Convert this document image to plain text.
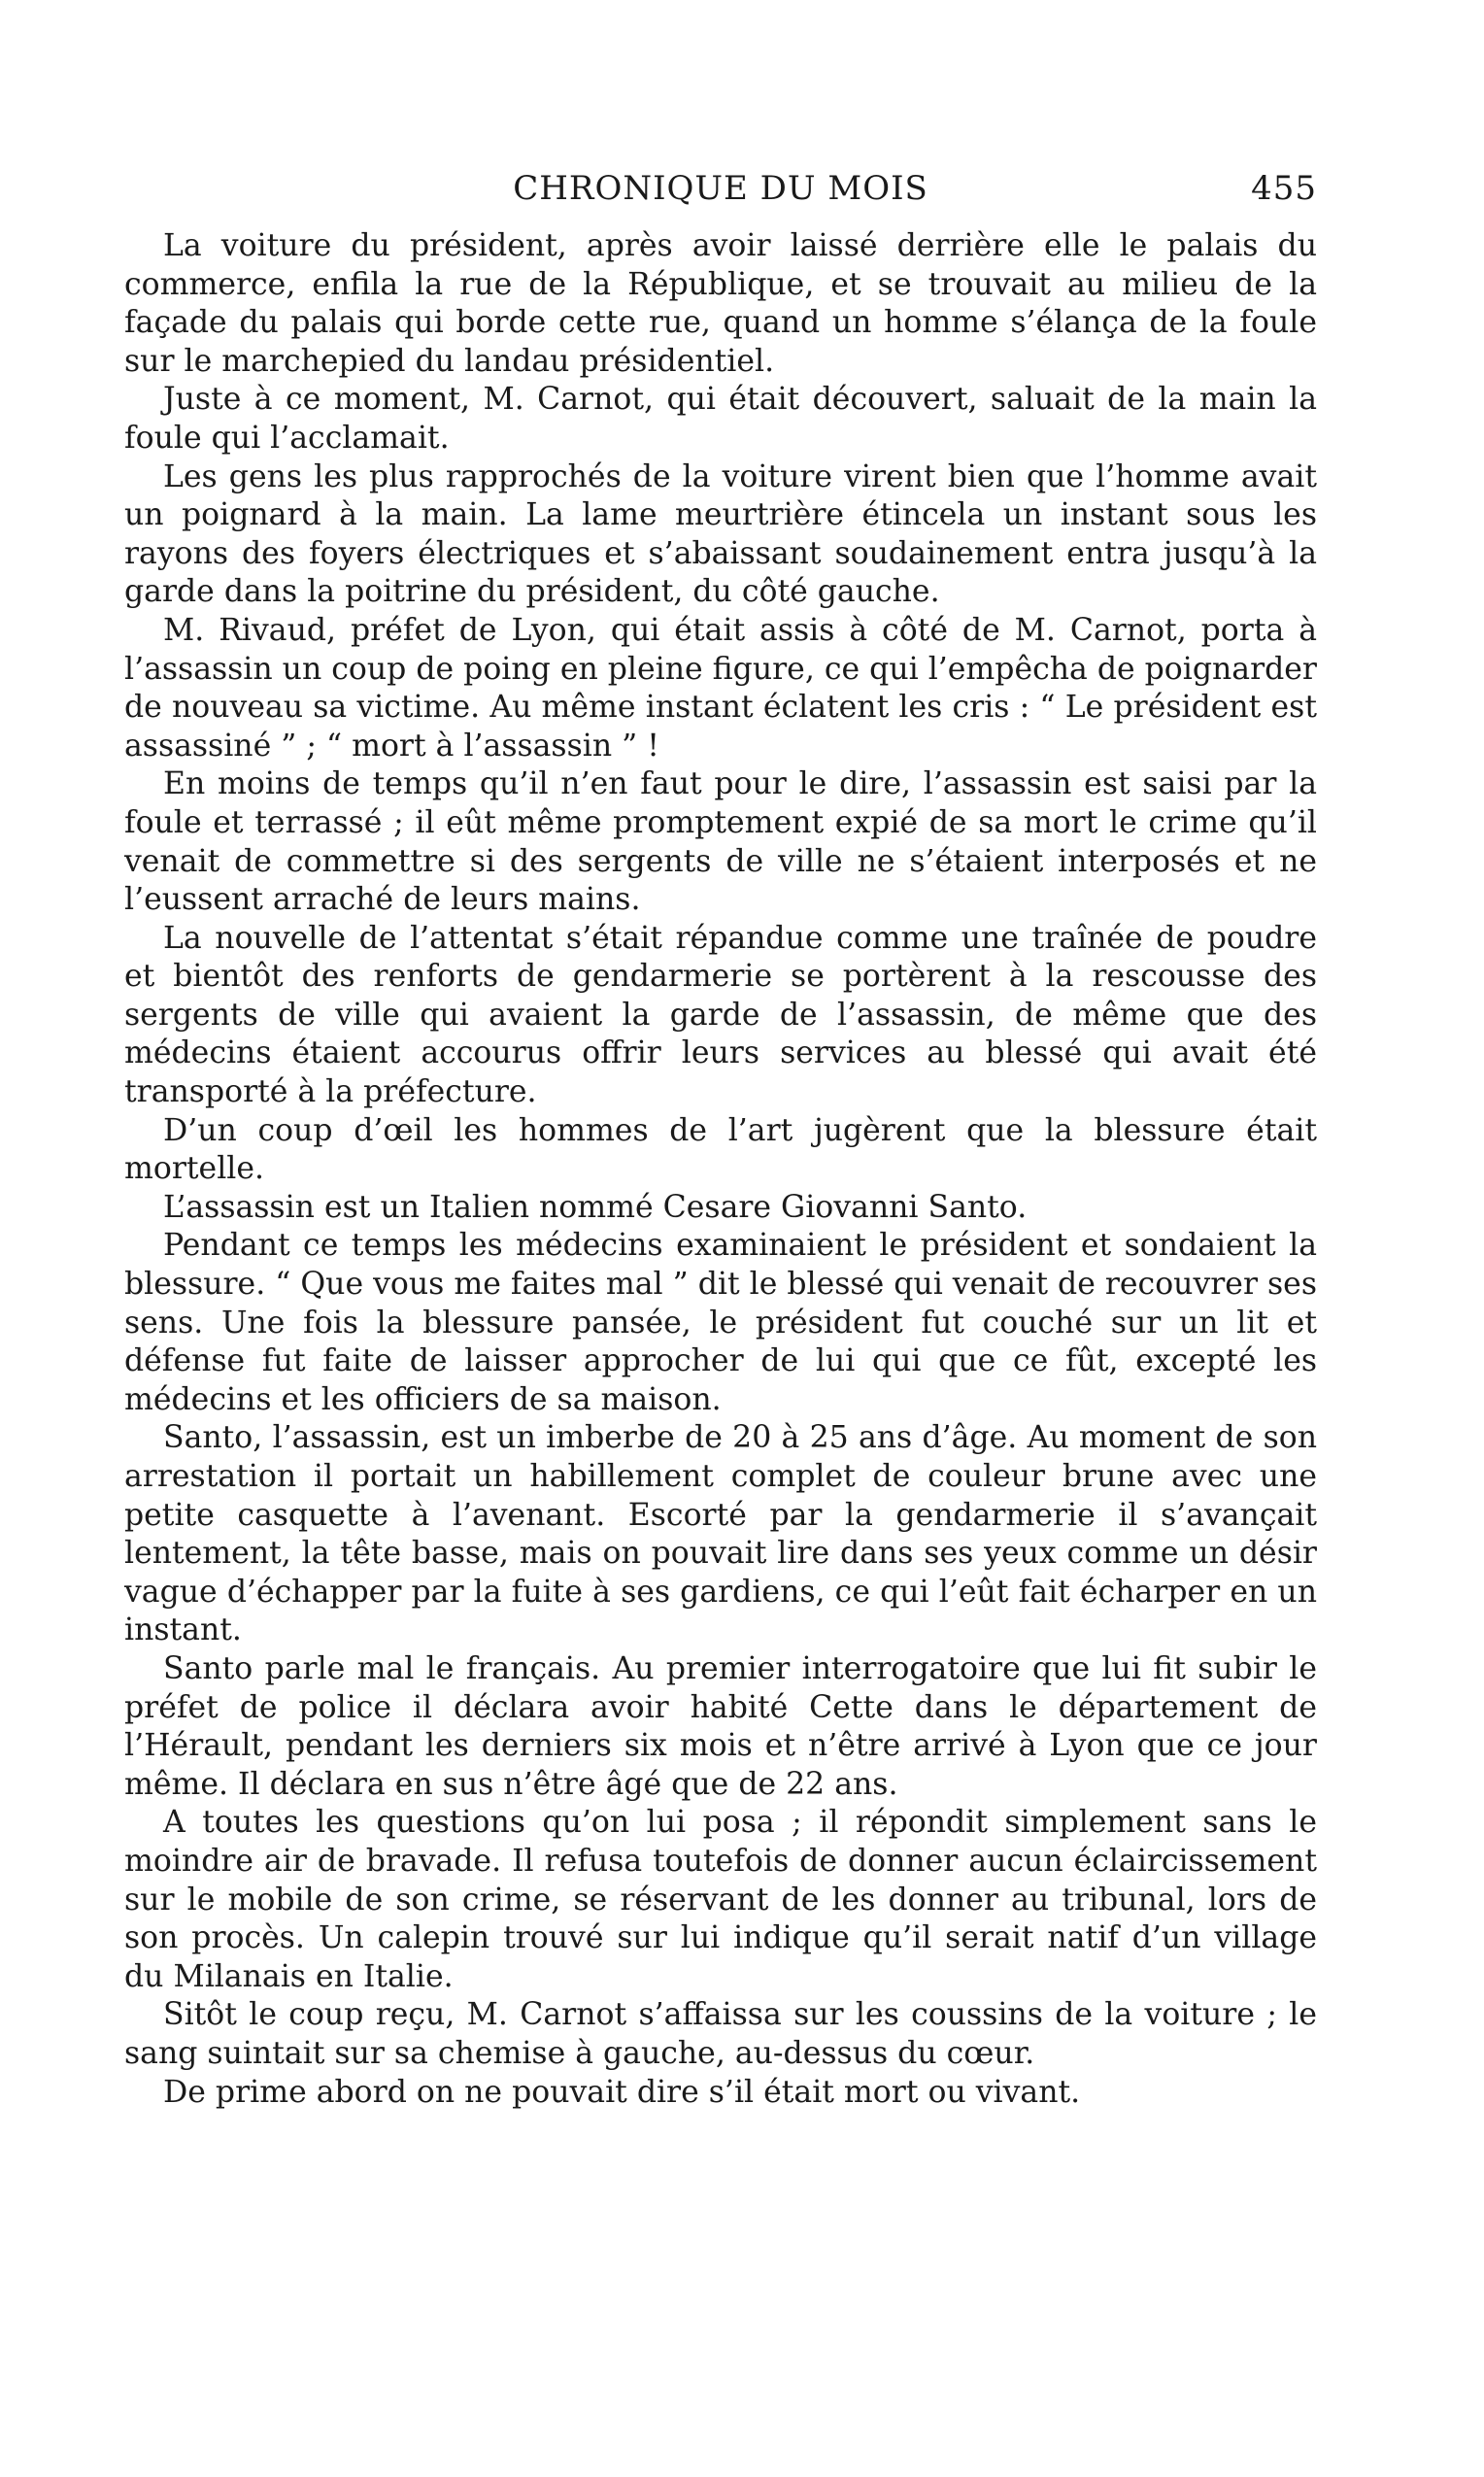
CHRONIQUE DU MOIS	455

La voiture du président, après avoir laissé derrière elle le palais du commerce, enfila la rue de la République, et se trouvait au milieu de la façade du palais qui borde cette rue, quand un homme s’élança de la foule sur le marchepied du landau présidentiel.

Juste à ce moment, M. Carnot, qui était découvert, saluait de la main la foule qui l’acclamait.

Les gens les plus rapprochés de la voiture virent bien que l’homme avait un poignard à la main. La lame meurtrière étincela un instant sous les rayons des foyers électriques et s’abaissant soudainement entra jusqu’à la garde dans la poitrine du président, du côté gauche.

M. Rivaud, préfet de Lyon, qui était assis à côté de M. Carnot, porta à l’assassin un coup de poing en pleine figure, ce qui l’empêcha de poignarder de nouveau sa victime. Au même instant éclatent les cris : “ Le président est assassiné ” ; “ mort à l’assassin ” !

En moins de temps qu’il n’en faut pour le dire, l’assassin est saisi par la foule et terrassé ; il eût même promptement expié de sa mort le crime qu’il venait de commettre si des sergents de ville ne s’étaient interposés et ne l’eussent arraché de leurs mains.

La nouvelle de l’attentat s’était répandue comme une traînée de poudre et bientôt des renforts de gendarmerie se portèrent à la rescousse des sergents de ville qui avaient la garde de l’assassin, de même que des médecins étaient accourus offrir leurs services au blessé qui avait été transporté à la préfecture.

D’un coup d’œil les hommes de l’art jugèrent que la blessure était mortelle.

L’assassin est un Italien nommé Cesare Giovanni Santo.

Pendant ce temps les médecins examinaient le président et sondaient la blessure. “ Que vous me faites mal ” dit le blessé qui venait de recouvrer ses sens. Une fois la blessure pansée, le président fut couché sur un lit et défense fut faite de laisser approcher de lui qui que ce fût, excepté les médecins et les officiers de sa maison.

Santo, l’assassin, est un imberbe de 20 à 25 ans d’âge. Au moment de son arrestation il portait un habillement complet de couleur brune avec une petite casquette à l’avenant. Escorté par la gendarmerie il s’avançait lentement, la tête basse, mais on pouvait lire dans ses yeux comme un désir vague d’échapper par la fuite à ses gardiens, ce qui l’eût fait écharper en un instant.

Santo parle mal le français. Au premier interrogatoire que lui fit subir le préfet de police il déclara avoir habité Cette dans le département de l’Hérault, pendant les derniers six mois et n’être arrivé à Lyon que ce jour même. Il déclara en sus n’être âgé que de 22 ans.

A toutes les questions qu’on lui posa ; il répondit simplement sans le moindre air de bravade. Il refusa toutefois de donner aucun éclaircissement sur le mobile de son crime, se réservant de les donner au tribunal, lors de son procès. Un calepin trouvé sur lui indique qu’il serait natif d’un village du Milanais en Italie.

Sitôt le coup reçu, M. Carnot s’affaissa sur les coussins de la voiture ; le sang suintait sur sa chemise à gauche, au-dessus du cœur.

De prime abord on ne pouvait dire s’il était mort ou vivant.
